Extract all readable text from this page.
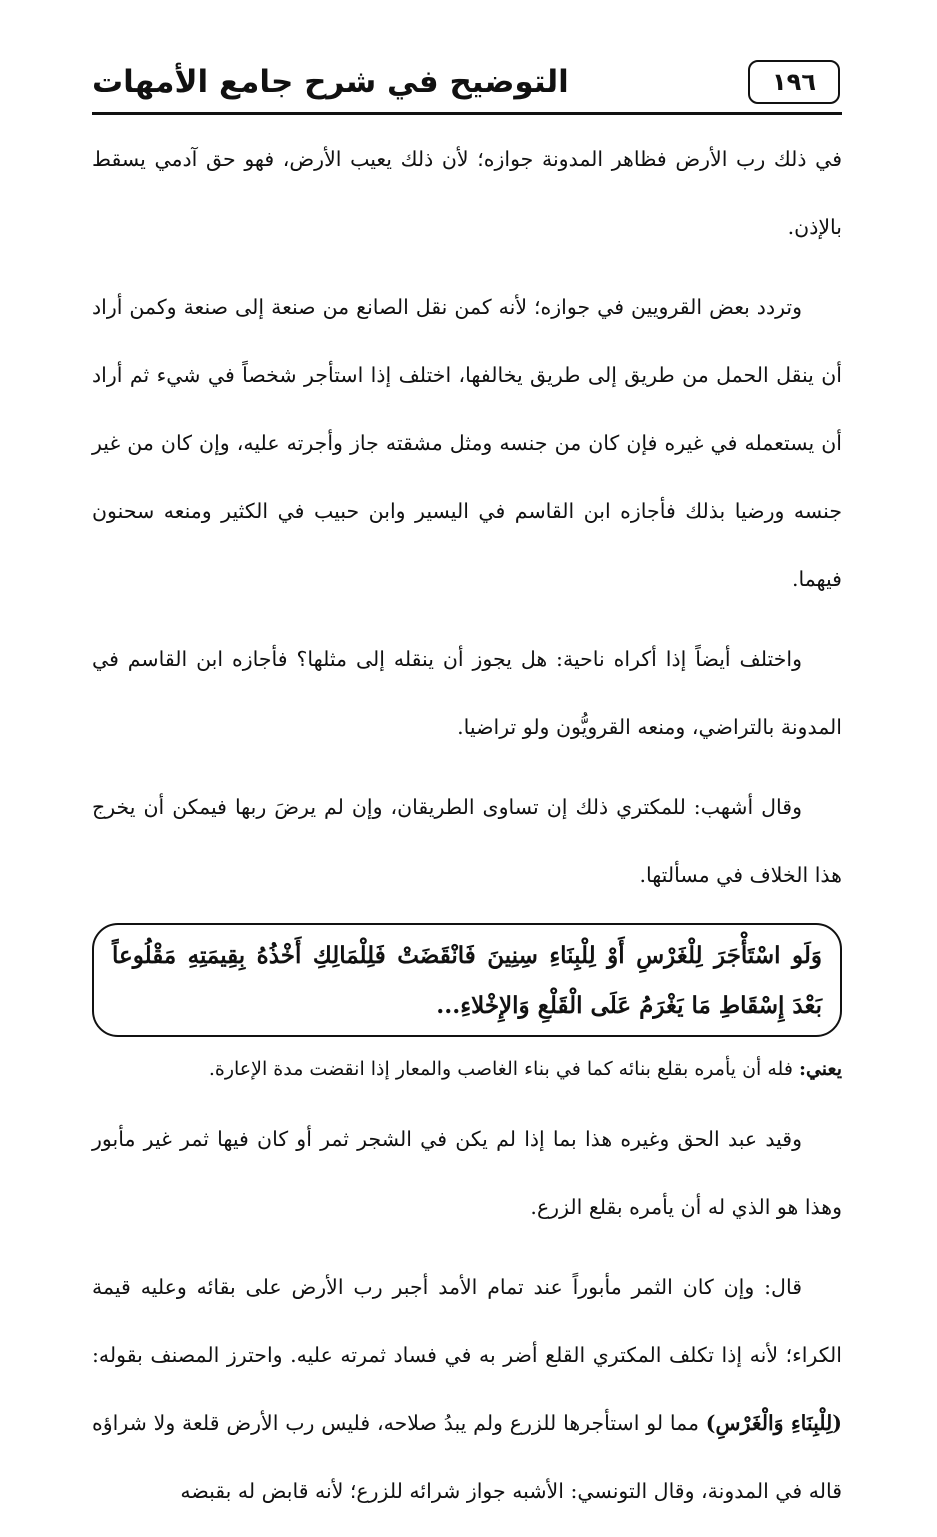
١٩٦
التوضيح في شرح جامع الأمهات

في ذلك رب الأرض فظاهر المدونة جوازه؛ لأن ذلك يعيب الأرض، فهو حق آدمي يسقط بالإذن.

وتردد بعض القرويين في جوازه؛ لأنه كمن نقل الصانع من صنعة إلى صنعة وكمن أراد أن ينقل الحمل من طريق إلى طريق يخالفها، اختلف إذا استأجر شخصاً في شيء ثم أراد أن يستعمله في غيره فإن كان من جنسه ومثل مشقته جاز وأجرته عليه، وإن كان من غير جنسه ورضيا بذلك فأجازه ابن القاسم في اليسير وابن حبيب في الكثير ومنعه سحنون فيهما.

واختلف أيضاً إذا أكراه ناحية: هل يجوز أن ينقله إلى مثلها؟ فأجازه ابن القاسم في المدونة بالتراضي، ومنعه القرويُّون ولو تراضيا.

وقال أشهب: للمكتري ذلك إن تساوى الطريقان، وإن لم يرضَ ربها فيمكن أن يخرج هذا الخلاف في مسألتها.

وَلَو اسْتَأْجَرَ لِلْغَرْسِ أَوْ لِلْبِنَاءِ سِنِينَ فَانْقَضَتْ فَلِلْمَالِكِ أَخْذُهُ بِقِيمَتِهِ مَقْلُوعاً بَعْدَ إِسْقَاطِ مَا يَغْرَمُ عَلَى الْقَلْعِ وَالإِخْلاءِ...

يعني: فله أن يأمره بقلع بنائه كما في بناء الغاصب والمعار إذا انقضت مدة الإعارة.

وقيد عبد الحق وغيره هذا بما إذا لم يكن في الشجر ثمر أو كان فيها ثمر غير مأبور وهذا هو الذي له أن يأمره بقلع الزرع.

قال: وإن كان الثمر مأبوراً عند تمام الأمد أجبر رب الأرض على بقائه وعليه قيمة الكراء؛ لأنه إذا تكلف المكتري القلع أضر به في فساد ثمرته عليه. واحترز المصنف بقوله: (لِلْبِنَاءِ وَالْغَرْسِ) مما لو استأجرها للزرع ولم يبدُ صلاحه، فليس رب الأرض قلعة ولا شراؤه قاله في المدونة، وقال التونسي: الأشبه جواز شرائه للزرع؛ لأنه قابض له بقبضه
